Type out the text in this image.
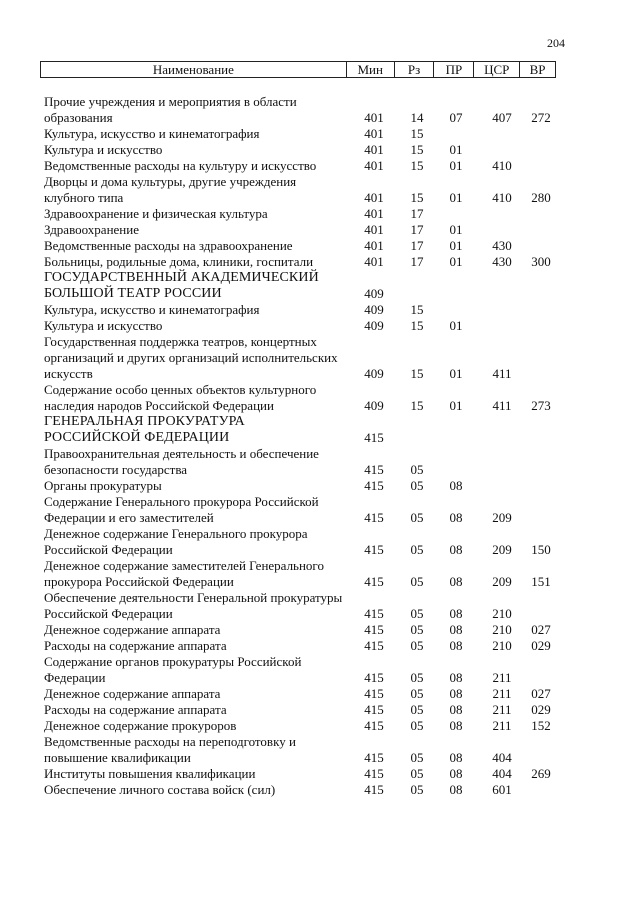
204
Наименование	Мин	Рз	ПР	ЦСР	ВР
Прочие учреждения и мероприятия в области образования	401	14	07	407	272
Культура, искусство и кинематография	401	15
Культура и искусство	401	15	01
Ведомственные расходы на культуру и искусство	401	15	01	410
Дворцы и дома культуры, другие учреждения клубного типа	401	15	01	410	280
Здравоохранение и физическая культура	401	17
Здравоохранение	401	17	01
Ведомственные расходы на здравоохранение	401	17	01	430
Больницы, родильные дома, клиники, госпитали	401	17	01	430	300
ГОСУДАРСТВЕННЫЙ АКАДЕМИЧЕСКИЙ БОЛЬШОЙ ТЕАТР РОССИИ	409
Культура, искусство и кинематография	409	15
Культура и искусство	409	15	01
Государственная поддержка театров, концертных организаций и других организаций исполнительских искусств	409	15	01	411
Содержание особо ценных объектов культурного наследия народов Российской Федерации	409	15	01	411	273
ГЕНЕРАЛЬНАЯ ПРОКУРАТУРА РОССИЙСКОЙ ФЕДЕРАЦИИ	415
Правоохранительная деятельность и обеспечение безопасности государства	415	05
Органы прокуратуры	415	05	08
Содержание Генерального прокурора Российской Федерации и его заместителей	415	05	08	209
Денежное содержание Генерального прокурора Российской Федерации	415	05	08	209	150
Денежное содержание заместителей Генерального прокурора Российской Федерации	415	05	08	209	151
Обеспечение деятельности Генеральной прокуратуры Российской Федерации	415	05	08	210
Денежное содержание аппарата	415	05	08	210	027
Расходы на содержание аппарата	415	05	08	210	029
Содержание органов прокуратуры Российской Федерации	415	05	08	211
Денежное содержание аппарата	415	05	08	211	027
Расходы на содержание аппарата	415	05	08	211	029
Денежное содержание прокуроров	415	05	08	211	152
Ведомственные расходы на переподготовку и повышение квалификации	415	05	08	404
Институты повышения квалификации	415	05	08	404	269
Обеспечение личного состава войск (сил)	415	05	08	601
